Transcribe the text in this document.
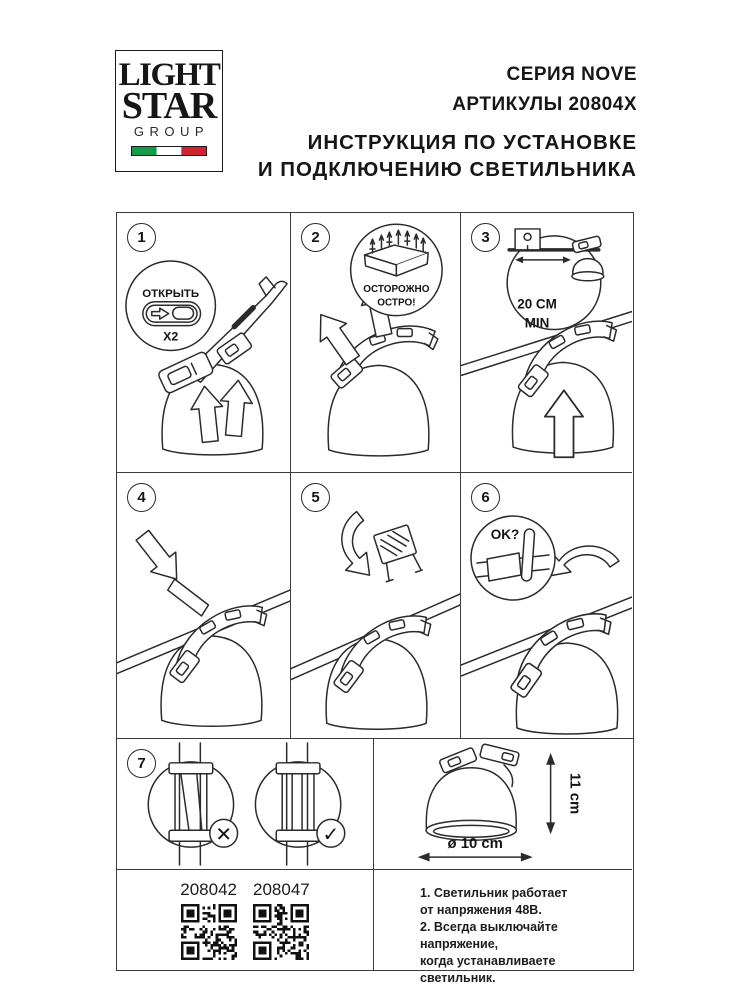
LIGHT
STAR
GROUP
СЕРИЯ NOVE
АРТИКУЛЫ 20804X
ИНСТРУКЦИЯ ПО УСТАНОВКЕ
И ПОДКЛЮЧЕНИЮ СВЕТИЛЬНИКА
ОТКРЫТЬ
X2
1
ОСТОРОЖНО
ОСТРО!
2
20 CM
MIN
3
4	5
OK?
6
✕	✓
7
11 cm
ø 10 cm
208042 208047	1. Светильник работает
от напряжения 48В.
2. Всегда выключайте напряжение,
когда устанавливаете светильник.
